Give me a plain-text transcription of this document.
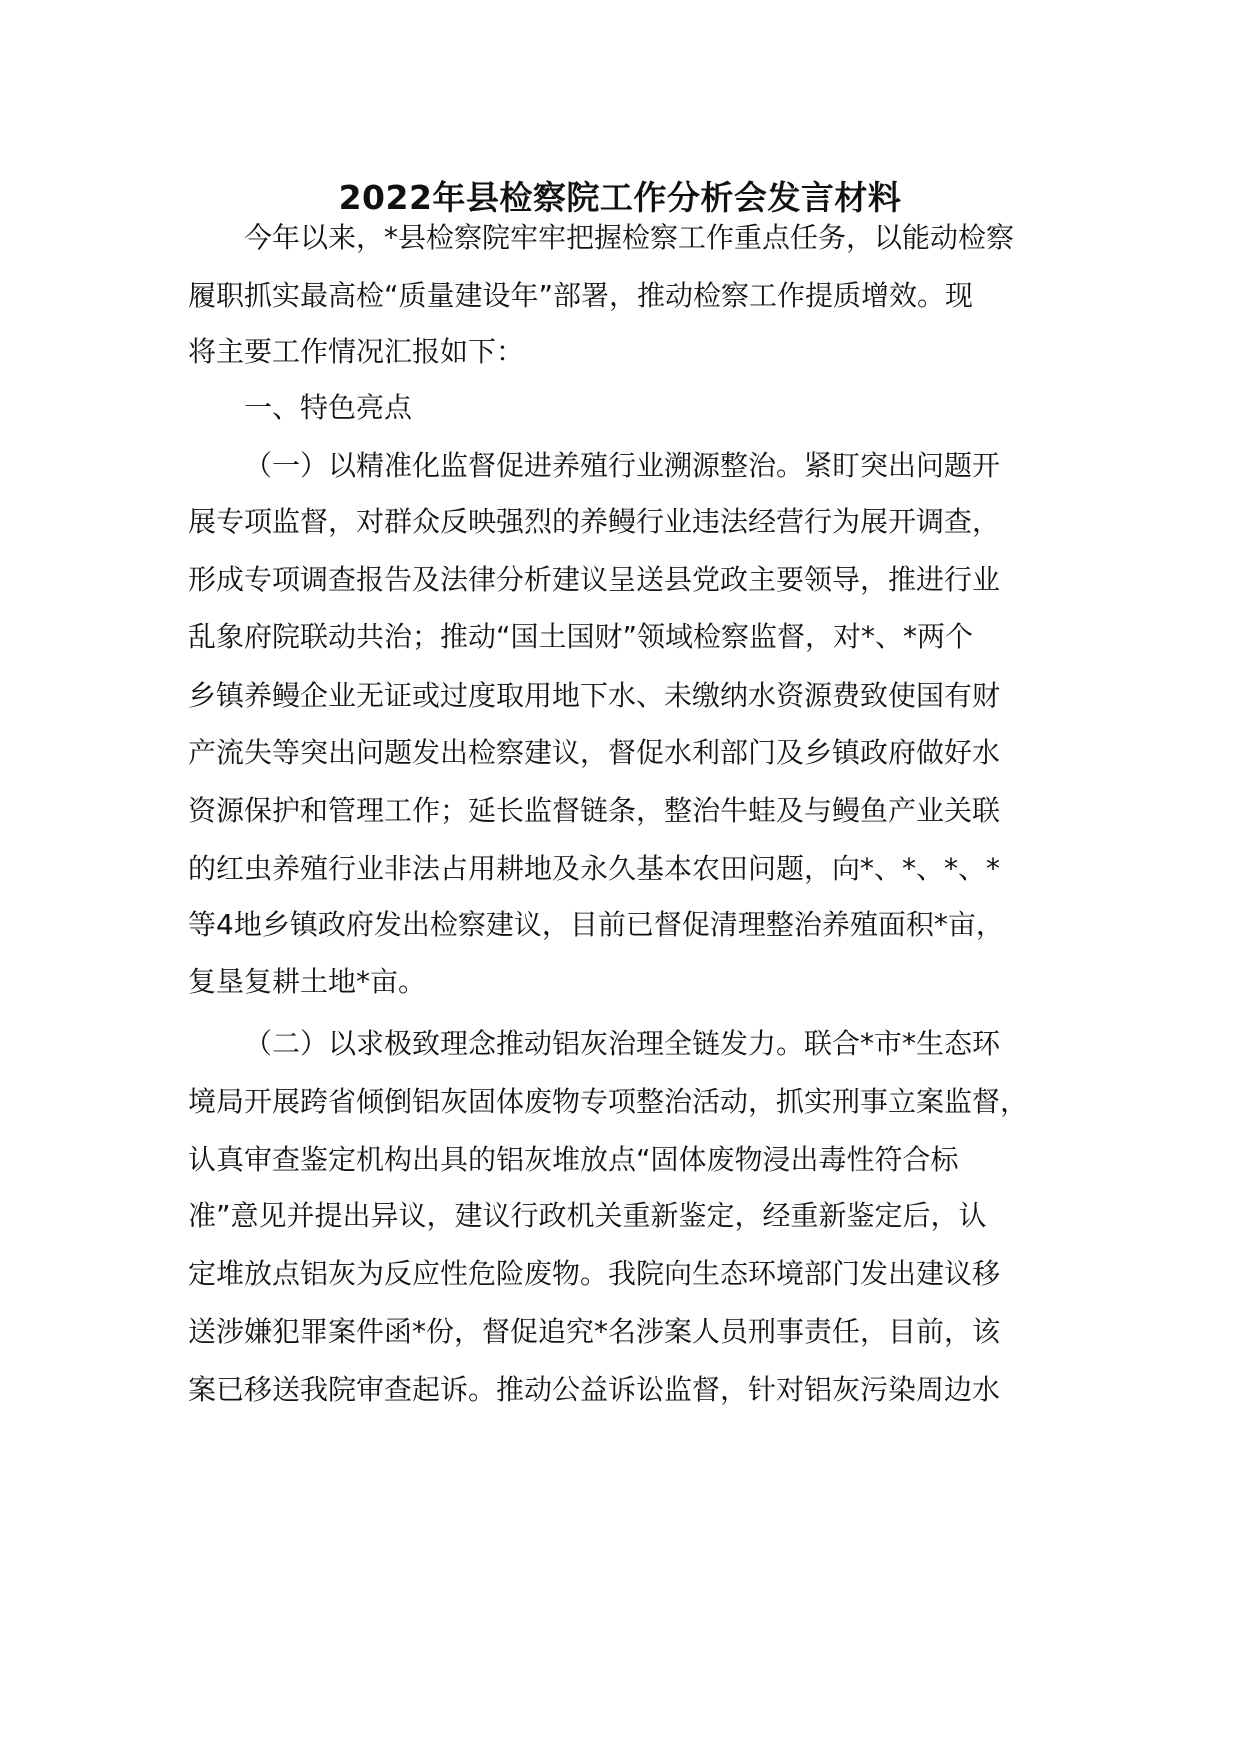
2022年县检察院工作分析会发言材料
今年以来，*县检察院牢牢把握检察工作重点任务，以能动检察
履职抓实最高检“质量建设年”部署，推动检察工作提质增效。现
将主要工作情况汇报如下：
一、特色亮点
（一）以精准化监督促进养殖行业溯源整治。紧盯突出问题开
展专项监督，对群众反映强烈的养鳗行业违法经营行为展开调查，
形成专项调查报告及法律分析建议呈送县党政主要领导，推进行业
乱象府院联动共治；推动“国土国财”领域检察监督，对*、*两个
乡镇养鳗企业无证或过度取用地下水、未缴纳水资源费致使国有财
产流失等突出问题发出检察建议，督促水利部门及乡镇政府做好水
资源保护和管理工作；延长监督链条，整治牛蛙及与鳗鱼产业关联
的红虫养殖行业非法占用耕地及永久基本农田问题，向*、*、*、*
等4地乡镇政府发出检察建议，目前已督促清理整治养殖面积*亩，
复垦复耕土地*亩。
（二）以求极致理念推动铝灰治理全链发力。联合*市*生态环
境局开展跨省倾倒铝灰固体废物专项整治活动，抓实刑事立案监督，
认真审查鉴定机构出具的铝灰堆放点“固体废物浸出毒性符合标
准”意见并提出异议，建议行政机关重新鉴定，经重新鉴定后，认
定堆放点铝灰为反应性危险废物。我院向生态环境部门发出建议移
送涉嫌犯罪案件函*份，督促追究*名涉案人员刑事责任，目前，该
案已移送我院审查起诉。推动公益诉讼监督，针对铝灰污染周边水
